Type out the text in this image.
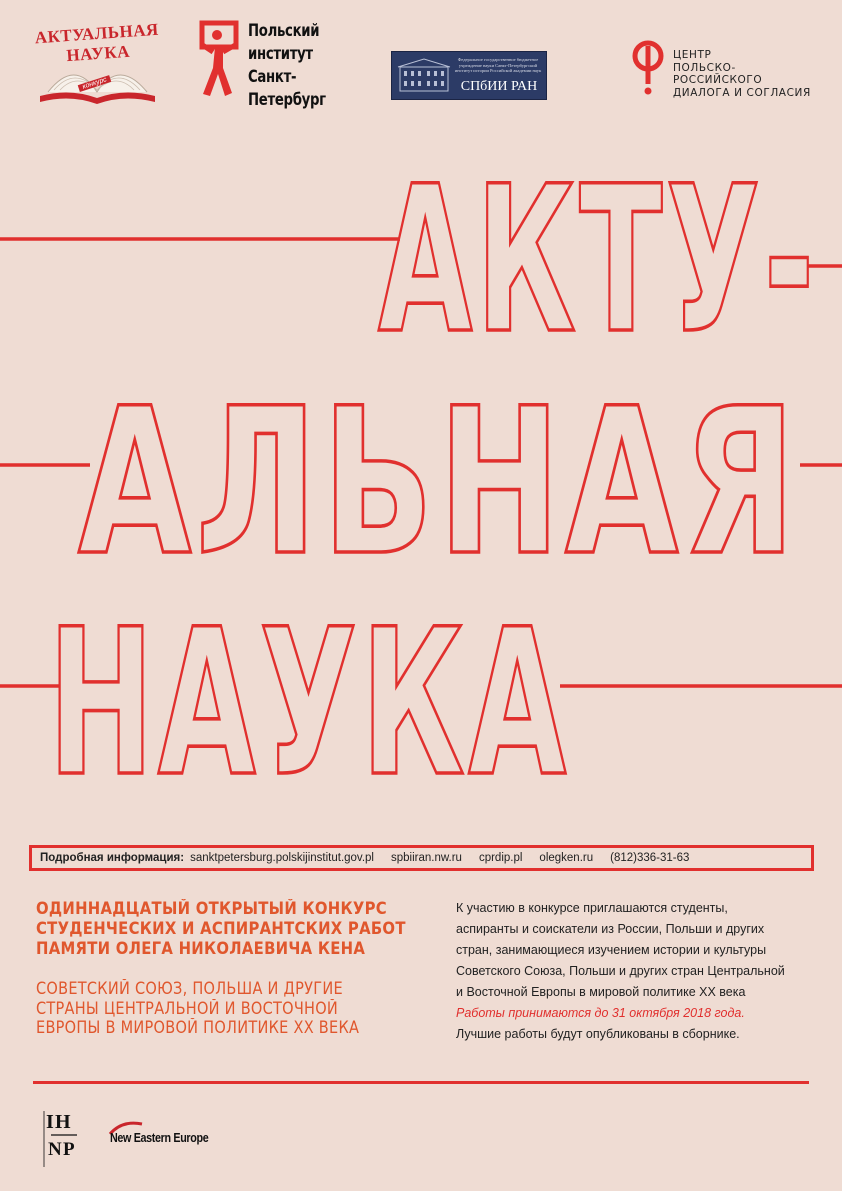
АКТУАЛЬНАЯ НАУКА
конкурс
Польский
институт
Санкт-Петербург
Федеральное государственное бюджетное учреждение науки Санкт-Петербургский институт истории Российской академии наук
СПбИИ РАН
ЦЕНТР
ПОЛЬСКО-РОССИЙСКОГО
ДИАЛОГА И СОГЛАСИЯ
АКТУ-
АЛЬНАЯ
НАУКА
Подробная информация: sanktpetersburg.polskijinstitut.gov.pl spbiiran.nw.ru cprdip.pl olegken.ru (812)336-31-63
ОДИННАДЦАТЫЙ ОТКРЫТЫЙ КОНКУРС
СТУДЕНЧЕСКИХ И АСПИРАНТСКИХ РАБОТ
ПАМЯТИ ОЛЕГА НИКОЛАЕВИЧА КЕНА
СОВЕТСКИЙ СОЮЗ, ПОЛЬША И ДРУГИЕ
СТРАНЫ ЦЕНТРАЛЬНОЙ И ВОСТОЧНОЙ
ЕВРОПЫ В МИРОВОЙ ПОЛИТИКЕ ХХ ВЕКА
К участию в конкурсе приглашаются студенты,
аспиранты и соискатели из России, Польши и других
стран, занимающиеся изучением истории и культуры
Советского Союза, Польши и других стран Центральной
и Восточной Европы в мировой политике ХХ века
Работы принимаются до 31 октября 2018 года.
Лучшие работы будут опубликованы в сборнике.
I H
N P
New Eastern Europe
